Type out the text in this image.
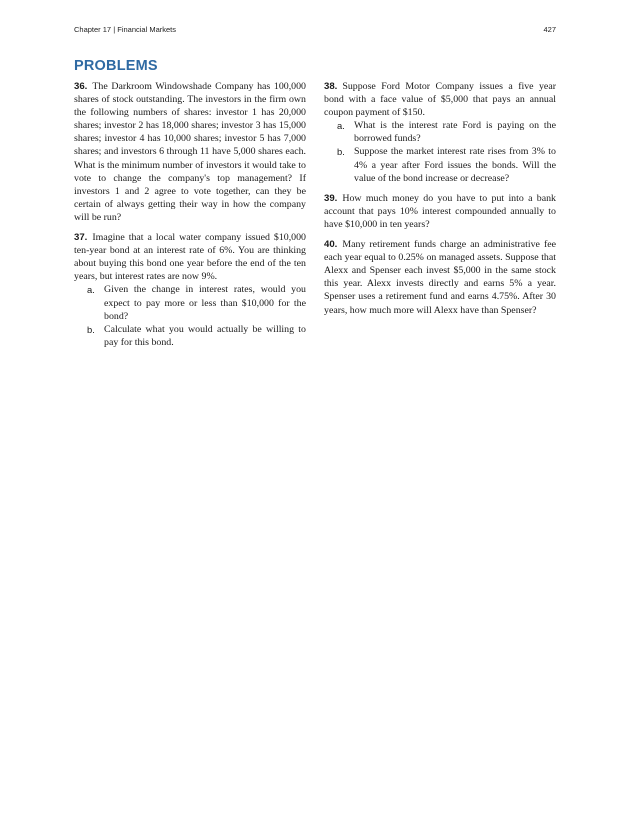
Chapter 17 | Financial Markets	427
PROBLEMS
36. The Darkroom Windowshade Company has 100,000 shares of stock outstanding. The investors in the firm own the following numbers of shares: investor 1 has 20,000 shares; investor 2 has 18,000 shares; investor 3 has 15,000 shares; investor 4 has 10,000 shares; investor 5 has 7,000 shares; and investors 6 through 11 have 5,000 shares each. What is the minimum number of investors it would take to vote to change the company's top management? If investors 1 and 2 agree to vote together, can they be certain of always getting their way in how the company will be run?
37. Imagine that a local water company issued $10,000 ten-year bond at an interest rate of 6%. You are thinking about buying this bond one year before the end of the ten years, but interest rates are now 9%.
a. Given the change in interest rates, would you expect to pay more or less than $10,000 for the bond?
b. Calculate what you would actually be willing to pay for this bond.
38. Suppose Ford Motor Company issues a five year bond with a face value of $5,000 that pays an annual coupon payment of $150.
a. What is the interest rate Ford is paying on the borrowed funds?
b. Suppose the market interest rate rises from 3% to 4% a year after Ford issues the bonds. Will the value of the bond increase or decrease?
39. How much money do you have to put into a bank account that pays 10% interest compounded annually to have $10,000 in ten years?
40. Many retirement funds charge an administrative fee each year equal to 0.25% on managed assets. Suppose that Alexx and Spenser each invest $5,000 in the same stock this year. Alexx invests directly and earns 5% a year. Spenser uses a retirement fund and earns 4.75%. After 30 years, how much more will Alexx have than Spenser?
